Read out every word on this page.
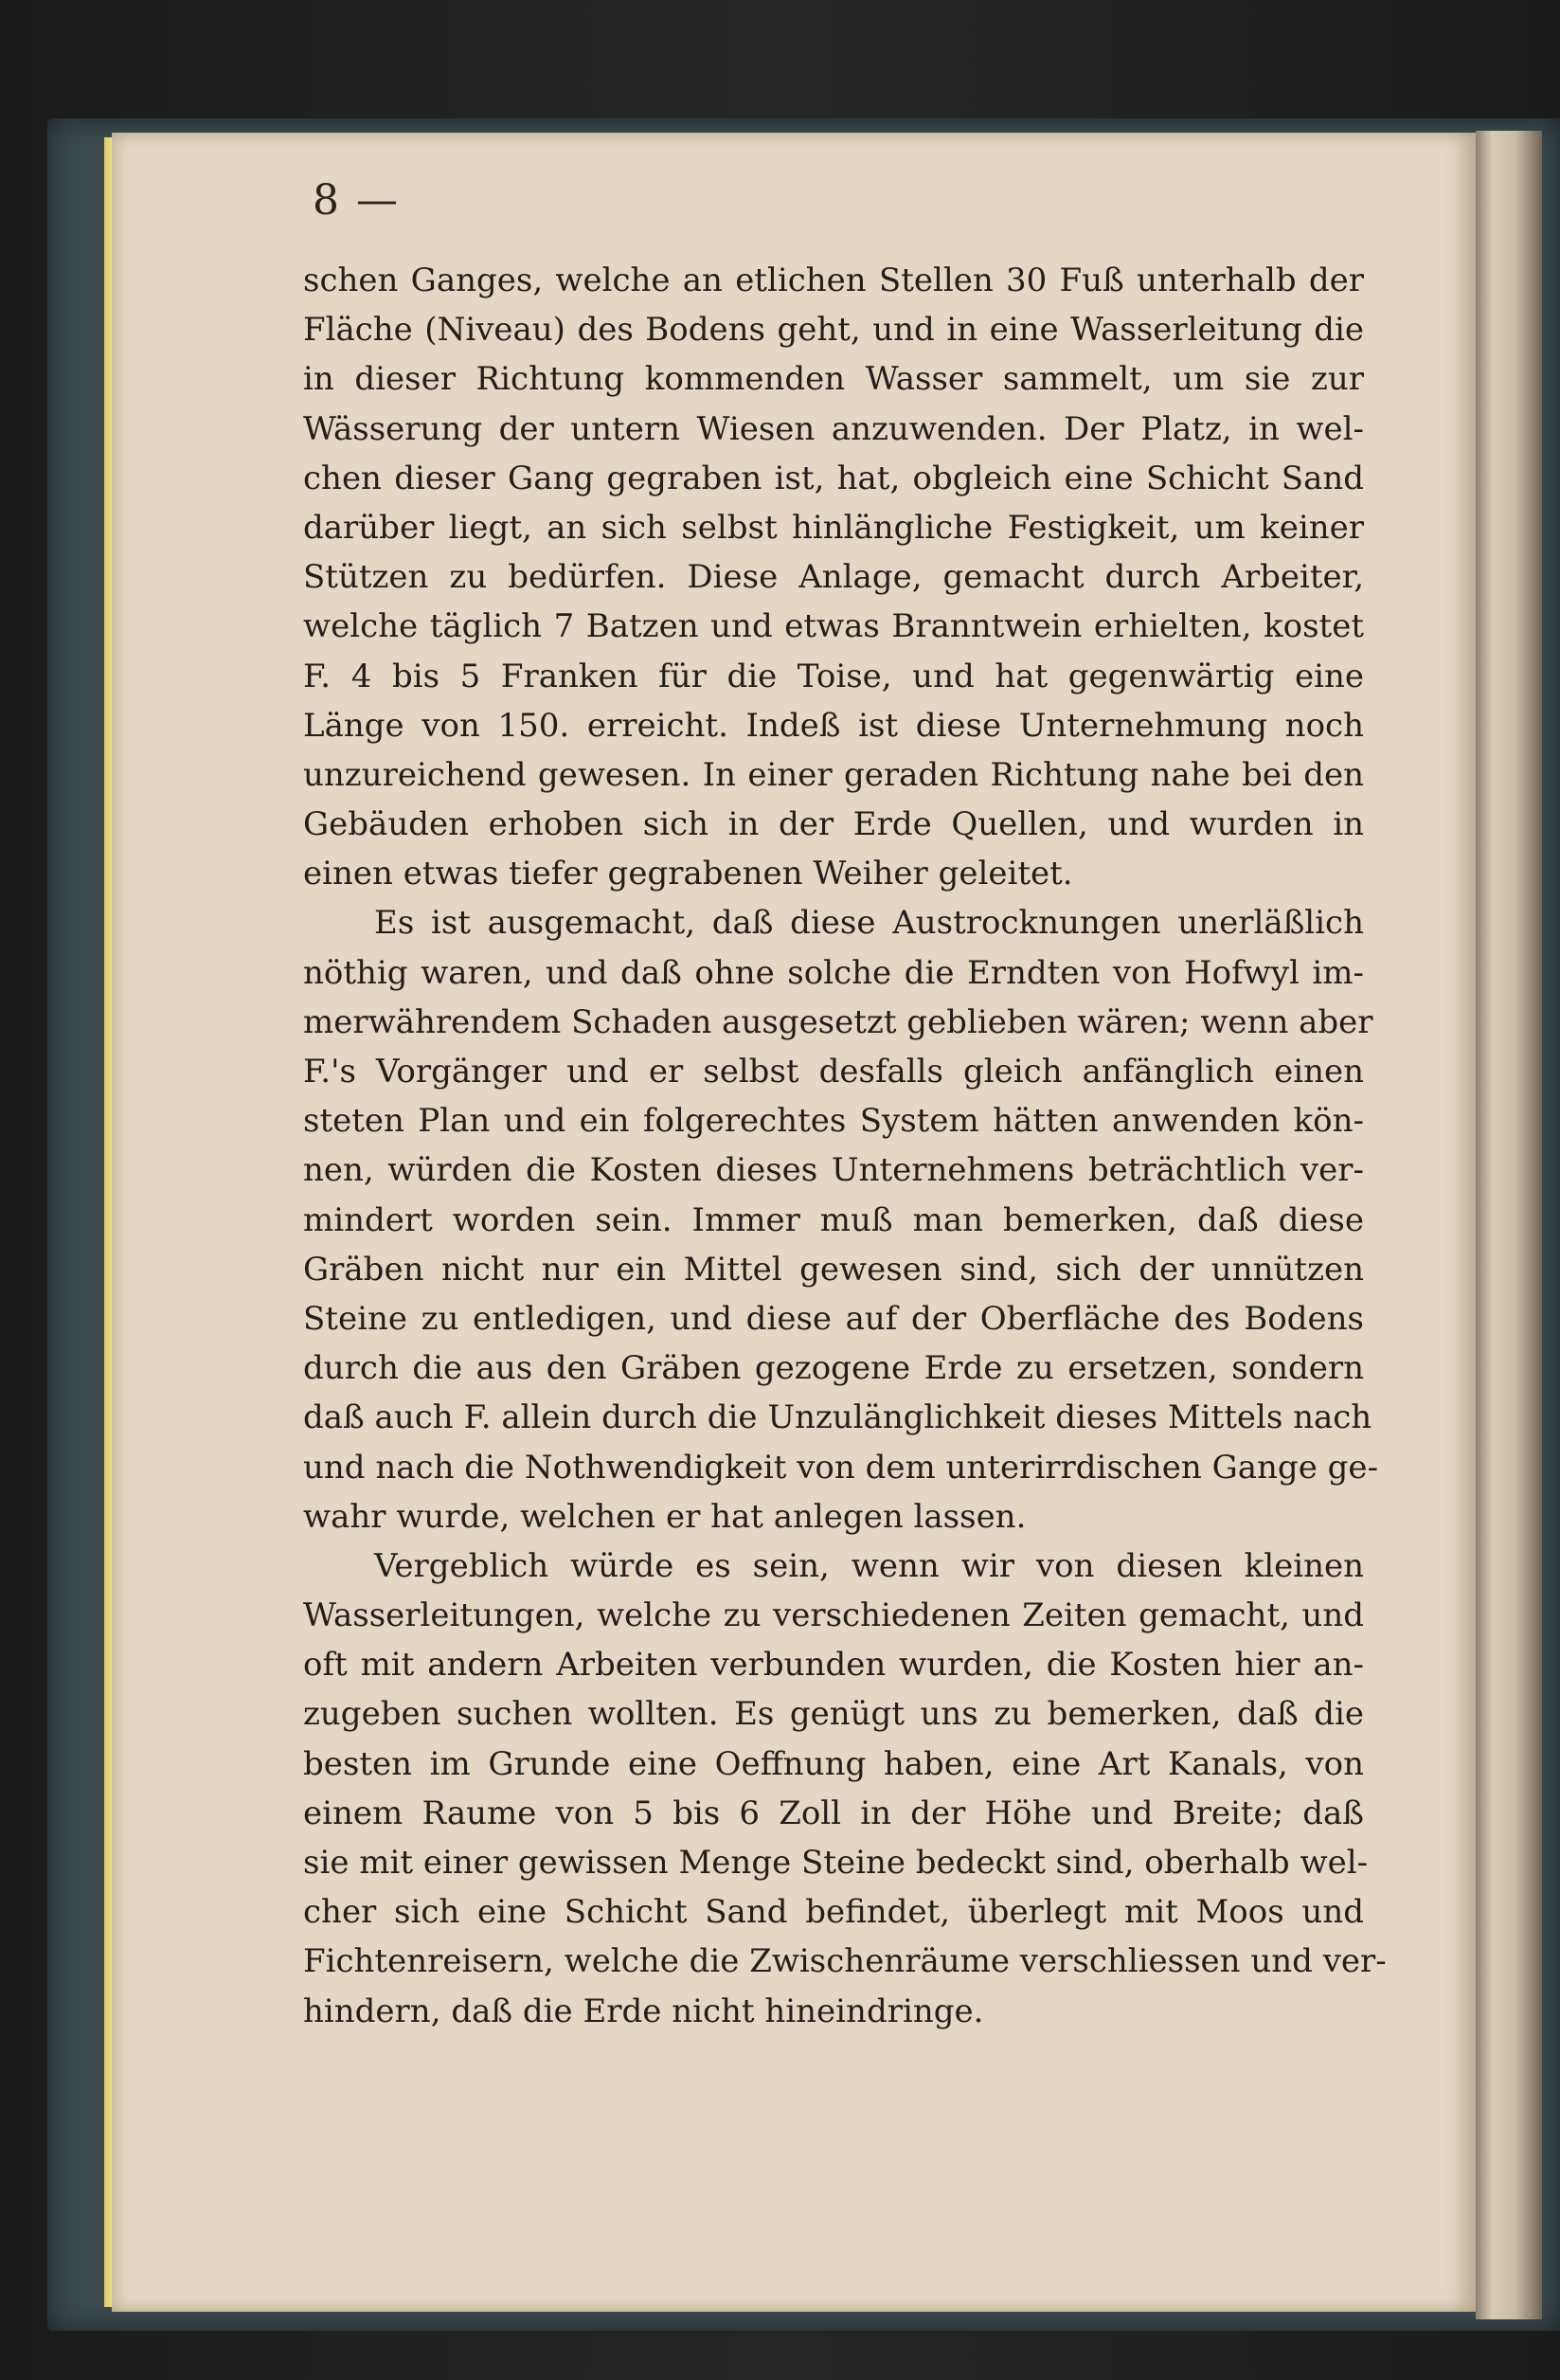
8 —
schen Ganges, welche an etlichen Stellen 30 Fuß unterhalb der
Fläche (Niveau) des Bodens geht, und in eine Wasserleitung die
in dieser Richtung kommenden Wasser sammelt, um sie zur
Wässerung der untern Wiesen anzuwenden. Der Platz, in wel-
chen dieser Gang gegraben ist, hat, obgleich eine Schicht Sand
darüber liegt, an sich selbst hinlängliche Festigkeit, um keiner
Stützen zu bedürfen. Diese Anlage, gemacht durch Arbeiter,
welche täglich 7 Batzen und etwas Branntwein erhielten, kostet
F. 4 bis 5 Franken für die Toise, und hat gegenwärtig eine
Länge von 150. erreicht. Indeß ist diese Unternehmung noch
unzureichend gewesen. In einer geraden Richtung nahe bei den
Gebäuden erhoben sich in der Erde Quellen, und wurden in
einen etwas tiefer gegrabenen Weiher geleitet.
Es ist ausgemacht, daß diese Austrocknungen unerläßlich
nöthig waren, und daß ohne solche die Erndten von Hofwyl im-
merwährendem Schaden ausgesetzt geblieben wären; wenn aber
F.'s Vorgänger und er selbst desfalls gleich anfänglich einen
steten Plan und ein folgerechtes System hätten anwenden kön-
nen, würden die Kosten dieses Unternehmens beträchtlich ver-
mindert worden sein. Immer muß man bemerken, daß diese
Gräben nicht nur ein Mittel gewesen sind, sich der unnützen
Steine zu entledigen, und diese auf der Oberfläche des Bodens
durch die aus den Gräben gezogene Erde zu ersetzen, sondern
daß auch F. allein durch die Unzulänglichkeit dieses Mittels nach
und nach die Nothwendigkeit von dem unterirrdischen Gange ge-
wahr wurde, welchen er hat anlegen lassen.
Vergeblich würde es sein, wenn wir von diesen kleinen
Wasserleitungen, welche zu verschiedenen Zeiten gemacht, und
oft mit andern Arbeiten verbunden wurden, die Kosten hier an-
zugeben suchen wollten. Es genügt uns zu bemerken, daß die
besten im Grunde eine Oeffnung haben, eine Art Kanals, von
einem Raume von 5 bis 6 Zoll in der Höhe und Breite; daß
sie mit einer gewissen Menge Steine bedeckt sind, oberhalb wel-
cher sich eine Schicht Sand befindet, überlegt mit Moos und
Fichtenreisern, welche die Zwischenräume verschliessen und ver-
hindern, daß die Erde nicht hineindringe.
